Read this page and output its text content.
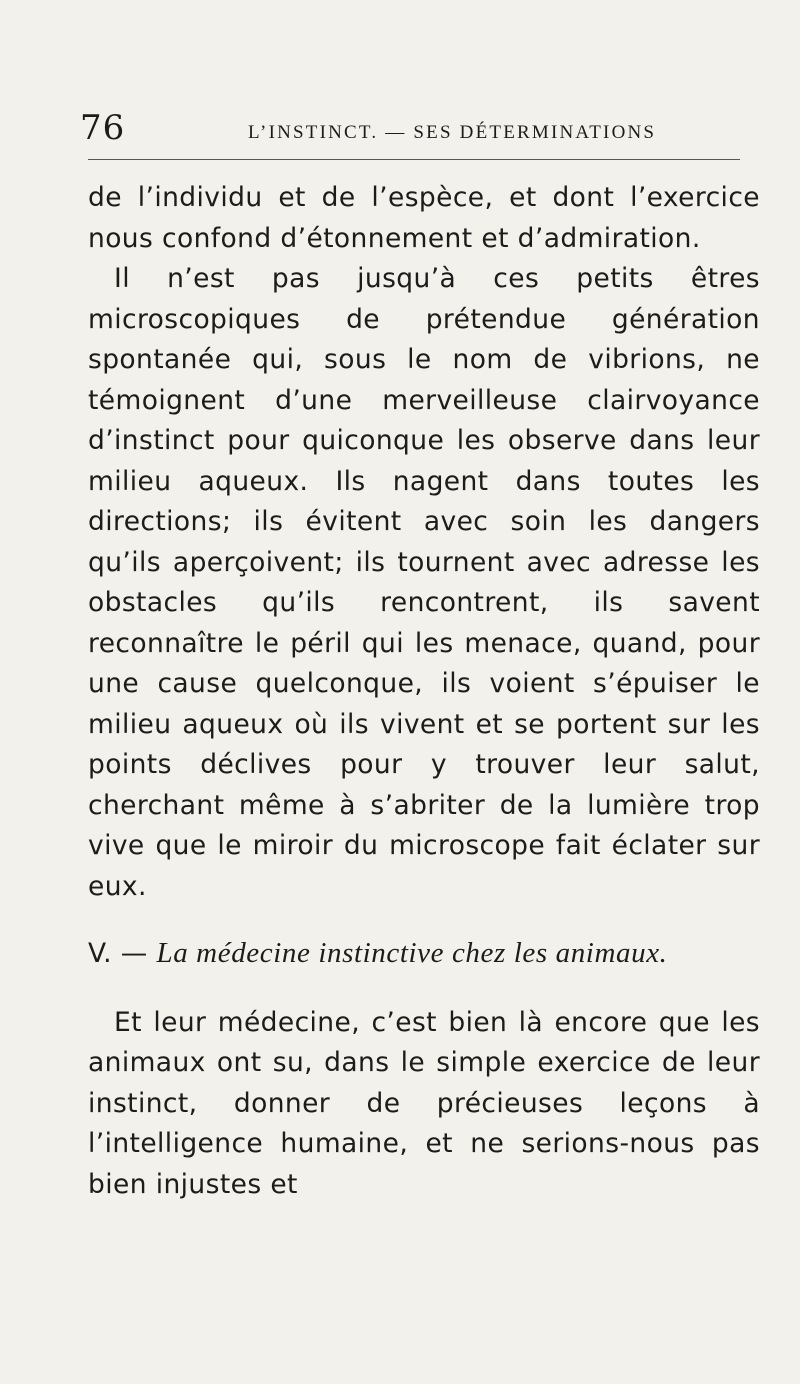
76	L’INSTINCT. — SES DÉTERMINATIONS

de l’individu et de l’espèce, et dont l’exercice nous confond d’étonnement et d’admiration.

Il n’est pas jusqu’à ces petits êtres microscopiques de prétendue génération spontanée qui, sous le nom de vibrions, ne témoignent d’une merveilleuse clairvoyance d’instinct pour quiconque les observe dans leur milieu aqueux. Ils nagent dans toutes les directions; ils évitent avec soin les dangers qu’ils aperçoivent; ils tournent avec adresse les obstacles qu’ils rencontrent, ils savent reconnaître le péril qui les menace, quand, pour une cause quelconque, ils voient s’épuiser le milieu aqueux où ils vivent et se portent sur les points déclives pour y trouver leur salut, cherchant même à s’abriter de la lumière trop vive que le miroir du microscope fait éclater sur eux.

V. — La médecine instinctive chez les animaux.

Et leur médecine, c’est bien là encore que les animaux ont su, dans le simple exercice de leur instinct, donner de précieuses leçons à l’intelligence humaine, et ne serions-nous pas bien injustes et
